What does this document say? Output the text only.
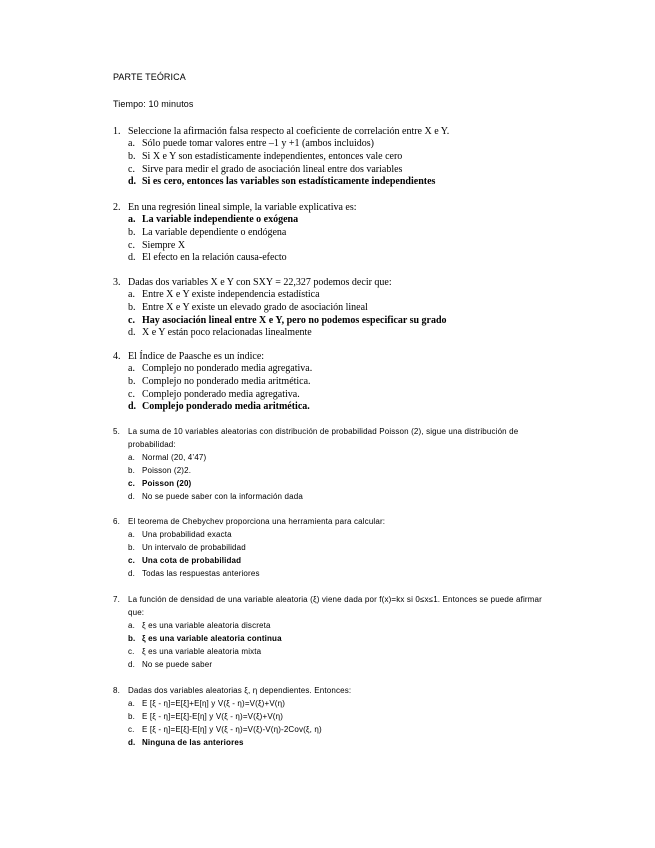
PARTE TEÓRICA
Tiempo: 10 minutos
1. Seleccione la afirmación falsa respecto al coeficiente de correlación entre X e Y.
a. Sólo puede tomar valores entre –1 y +1 (ambos incluidos)
b. Si X e Y son estadísticamente independientes, entonces vale cero
c. Sirve para medir el grado de asociación lineal entre dos variables
d. Si es cero, entonces las variables son estadísticamente independientes
2. En una regresión lineal simple, la variable explicativa es:
a. La variable independiente o exógena
b. La variable dependiente o endógena
c. Siempre X
d. El efecto en la relación causa-efecto
3. Dadas dos variables X e Y con SXY = 22,327 podemos decir que:
a. Entre X e Y existe independencia estadística
b. Entre X e Y existe un elevado grado de asociación lineal
c. Hay asociación lineal entre X e Y, pero no podemos especificar su grado
d. X e Y están poco relacionadas linealmente
4. El Índice de Paasche es un índice:
a. Complejo no ponderado media agregativa.
b. Complejo no ponderado media aritmética.
c. Complejo ponderado media agregativa.
d. Complejo ponderado media aritmética.
5.	La suma de 10 variables aleatorias con distribución de probabilidad Poisson (2), sigue una distribución de probabilidad:
a. Normal (20, 4’47)
b. Poisson (2)2.
c. Poisson (20)
d. No se puede saber con la información dada
6.	El teorema de Chebychev proporciona una herramienta para calcular:
a. Una probabilidad exacta
b. Un intervalo de probabilidad
c. Una cota de probabilidad
d. Todas las respuestas anteriores
7.	La función de densidad de una variable aleatoria (ξ) viene dada por f(x)=kx si 0≤x≤1. Entonces se puede afirmar que:
a. ξ es una variable aleatoria discreta
b. ξ es una variable aleatoria continua
c. ξ es una variable aleatoria mixta
d. No se puede saber
8.	Dadas dos variables aleatorias ξ, η dependientes. Entonces:
a. E [ξ - η]=E[ξ]+E[η] y V(ξ - η)=V(ξ)+V(η)
b. E [ξ - η]=E[ξ]-E[η] y V(ξ - η)=V(ξ)+V(η)
c. E [ξ - η]=E[ξ]-E[η] y V(ξ - η)=V(ξ)-V(η)-2Cov(ξ, η)
d. Ninguna de las anteriores
